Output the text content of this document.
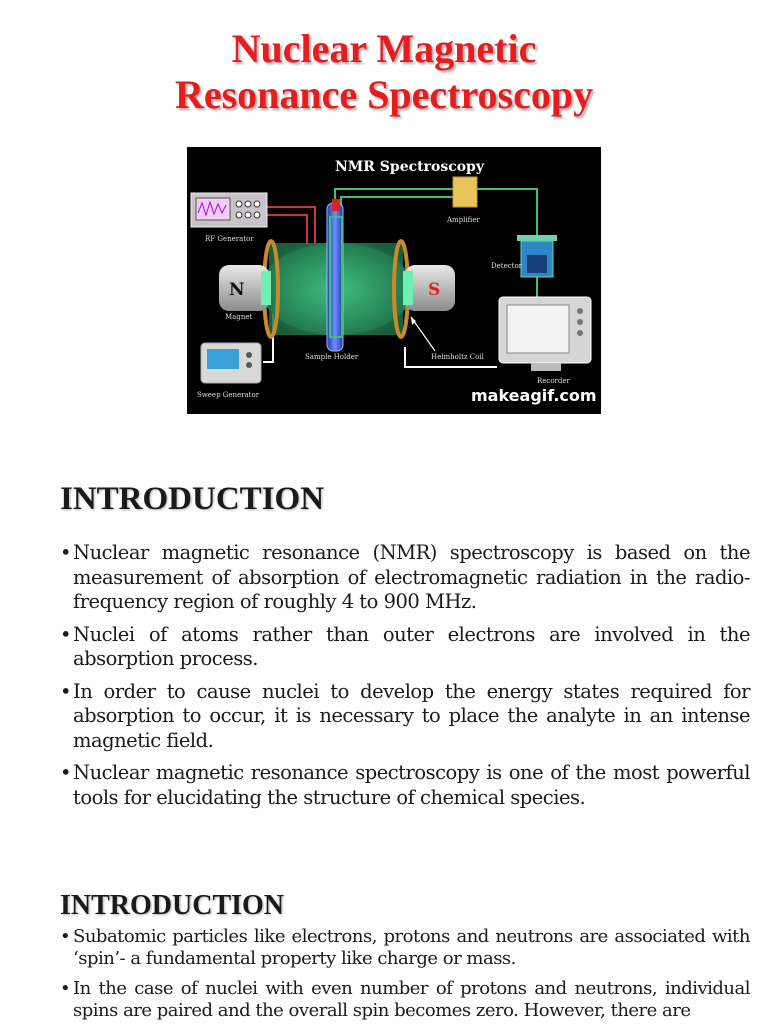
Nuclear Magnetic
Resonance Spectroscopy
NMR Spectroscopy
RF Generator
Amplifier
Detector
N	S
Magnet
Sample Holder	Helmholtz Coil
Sweep Generator
Recorder
makeagif.com
INTRODUCTION
• Nuclear magnetic resonance (NMR) spectroscopy is based on the measurement of absorption of electromagnetic radiation in the radio-frequency region of roughly 4 to 900 MHz.
• Nuclei of atoms rather than outer electrons are involved in the absorption process.
• In order to cause nuclei to develop the energy states required for absorption to occur, it is necessary to place the analyte in an intense magnetic field.
• Nuclear magnetic resonance spectroscopy is one of the most powerful tools for elucidating the structure of chemical species.
INTRODUCTION
• Subatomic particles like electrons, protons and neutrons are associated with ‘spin’- a fundamental property like charge or mass.
• In the case of nuclei with even number of protons and neutrons, individual spins are paired and the overall spin becomes zero. However, there are
